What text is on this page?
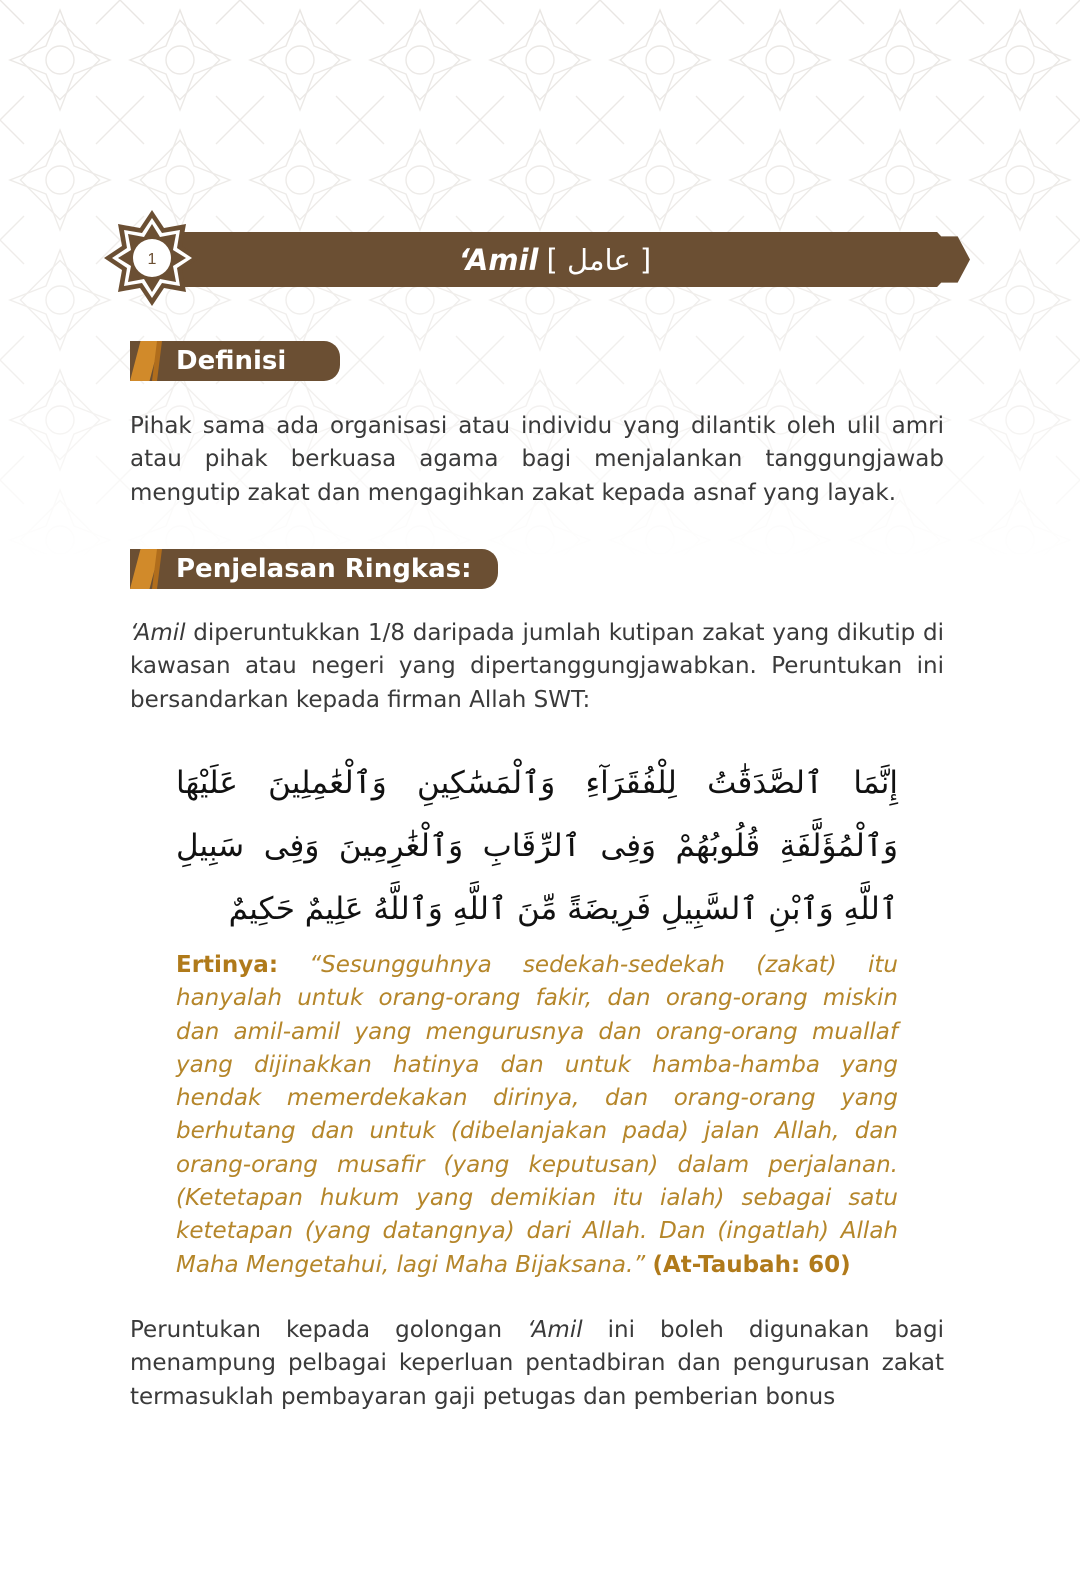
‘Amil [ عامل ]
1
Definisi

Pihak sama ada organisasi atau individu yang dilantik oleh ulil amri atau pihak berkuasa agama bagi menjalankan tanggungjawab mengutip zakat dan mengagihkan zakat kepada asnaf yang layak.

Penjelasan Ringkas:

‘Amil diperuntukkan 1/8 daripada jumlah kutipan zakat yang dikutip di kawasan atau negeri yang dipertanggungjawabkan. Peruntukan ini bersandarkan kepada firman Allah SWT:

إِنَّمَا ٱلصَّدَقَٰتُ لِلْفُقَرَآءِ وَٱلْمَسَٰكِينِ وَٱلْعَٰمِلِينَ عَلَيْهَا وَٱلْمُؤَلَّفَةِ قُلُوبُهُمْ وَفِى ٱلرِّقَابِ وَٱلْغَٰرِمِينَ وَفِى سَبِيلِ ٱللَّهِ وَٱبْنِ ٱلسَّبِيلِ فَرِيضَةً مِّنَ ٱللَّهِ وَٱللَّهُ عَلِيمٌ حَكِيمٌ
Ertinya: “Sesungguhnya sedekah-sedekah (zakat) itu hanyalah untuk orang-orang fakir, dan orang-orang miskin dan amil-amil yang mengurusnya dan orang-orang muallaf yang dijinakkan hatinya dan untuk hamba-hamba yang hendak memerdekakan dirinya, dan orang-orang yang berhutang dan untuk (dibelanjakan pada) jalan Allah, dan orang-orang musafir (yang keputusan) dalam perjalanan. (Ketetapan hukum yang demikian itu ialah) sebagai satu ketetapan (yang datangnya) dari Allah. Dan (ingatlah) Allah Maha Mengetahui, lagi Maha Bijaksana.” (At-Taubah: 60)

Peruntukan kepada golongan ‘Amil ini boleh digunakan bagi menampung pelbagai keperluan pentadbiran dan pengurusan zakat termasuklah pembayaran gaji petugas dan pemberian bonus
